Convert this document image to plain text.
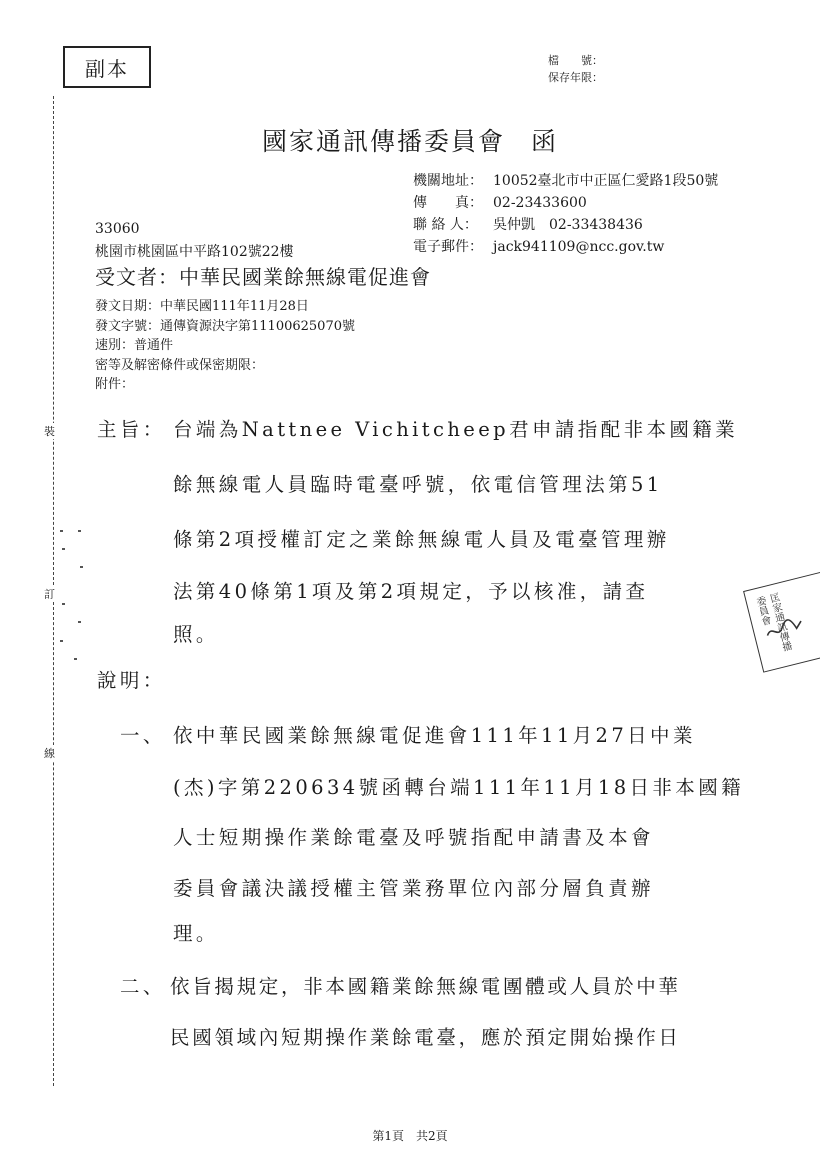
裝
訂
線
副本	檔　　號：
保存年限：
國家通訊傳播委員會 函
機關地址： 10052臺北市中正區仁愛路1段50號
傳　　真： 02-23433600
聯 絡 人：	吳仲凱　02-33438436
電子郵件： jack941109@ncc.gov.tw
33060
桃園市桃園區中平路102號22樓
受文者：中華民國業餘無線電促進會
發文日期：中華民國111年11月28日
發文字號：通傳資源決字第11100625070號
速別：普通件
密等及解密條件或保密期限：
附件：
主旨： 台端為Nattnee Vichitcheep君申請指配非本國籍業
餘無線電人員臨時電臺呼號，依電信管理法第51
條第2項授權訂定之業餘無線電人員及電臺管理辦
法第40條第1項及第2項規定，予以核准，請查
照。
說明：
一、 依中華民國業餘無線電促進會111年11月27日中業
(杰)字第220634號函轉台端111年11月18日非本國籍
人士短期操作業餘電臺及呼號指配申請書及本會
委員會議決議授權主管業務單位內部分層負責辦
理。
二、 依旨揭規定，非本國籍業餘無線電團體或人員於中華
民國領域內短期操作業餘電臺，應於預定開始操作日
匡家通訊傳播委員會
第1頁　共2頁
